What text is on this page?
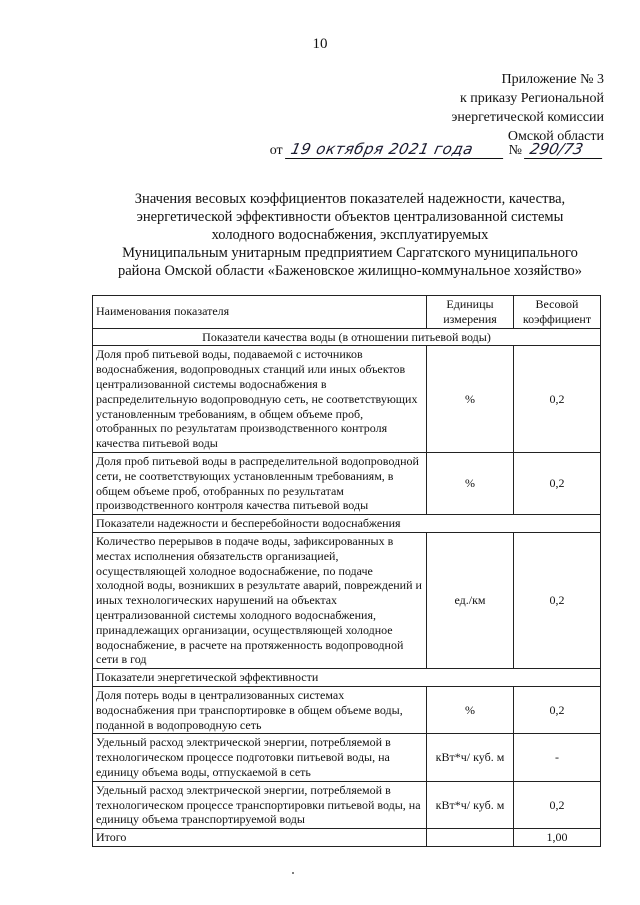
10
Приложение № 3
к приказу Региональной
энергетической комиссии
Омской области
от 19 октября 2021 года	№ 290/73
Значения весовых коэффициентов показателей надежности, качества,
энергетической эффективности объектов централизованной системы
холодного водоснабжения, эксплуатируемых
Муниципальным унитарным предприятием Саргатского муниципального
района Омской области «Баженовское жилищно-коммунальное хозяйство»
Наименования показателя	Единицы измерения	Весовой коэффициент
Показатели качества воды (в отношении питьевой воды)		
Доля проб питьевой воды, подаваемой с источников водоснабжения, водопроводных станций или иных объектов централизованной системы водоснабжения в распределительную водопроводную сеть, не соответствующих установленным требованиям, в общем объеме проб, отобранных по результатам производственного контроля качества питьевой воды	%	0,2
Доля проб питьевой воды в распределительной водопроводной сети, не соответствующих установленным требованиям, в общем объеме проб, отобранных по результатам производственного контроля качества питьевой воды	%	0,2
Показатели надежности и бесперебойности водоснабжения		
Количество перерывов в подаче воды, зафиксированных в местах исполнения обязательств организацией, осуществляющей холодное водоснабжение, по подаче холодной воды, возникших в результате аварий, повреждений и иных технологических нарушений на объектах централизованной системы холодного водоснабжения, принадлежащих организации, осуществляющей холодное водоснабжение, в расчете на протяженность водопроводной сети в год	ед./км	0,2
Показатели энергетической эффективности		
Доля потерь воды в централизованных системах водоснабжения при транспортировке в общем объеме воды, поданной в водопроводную сеть	%	0,2
Удельный расход электрической энергии, потребляемой в технологическом процессе подготовки питьевой воды, на единицу объема воды, отпускаемой в сеть	кВт*ч/ куб. м	-
Удельный расход электрической энергии, потребляемой в технологическом процессе транспортировки питьевой воды, на единицу объема транспортируемой воды	кВт*ч/ куб. м	0,2
Итого		1,00
